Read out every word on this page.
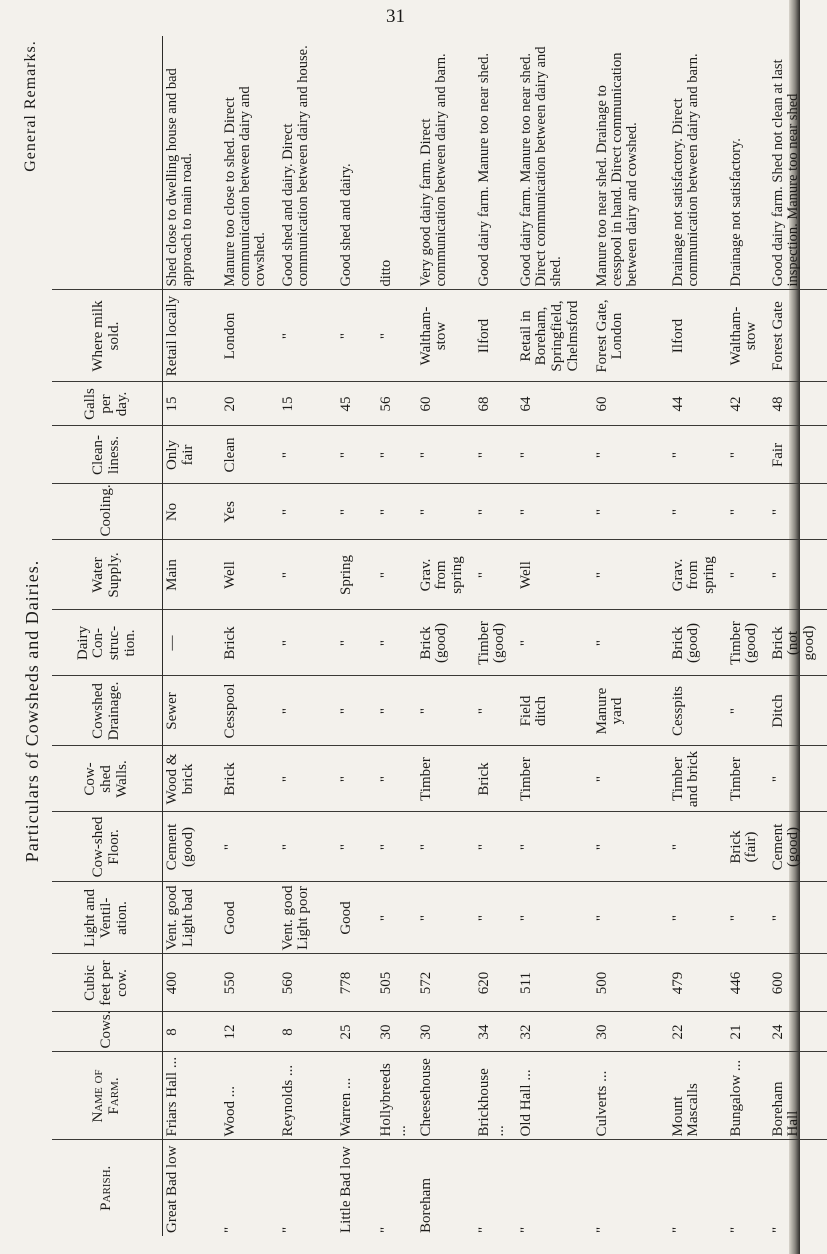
31
Particulars of Cowsheds and Dairies.
General Remarks.
Parish.	Name of Farm.	Cows.	Cubic feet per cow.	Light and Ventil-ation.	Cow-shed Floor.	Cow-shed Walls.	Cowshed Drainage.	Dairy Con-struc-tion.	Water Supply.	Cooling.	Clean-liness.	Galls per day.	Where milk sold.	
Great Bad low	Friars Hall ...	8	400	Vent. good Light bad	Cement (good)	Wood & brick	Sewer	—	Main	No	Only fair	15	Retail locally	Shed close to dwelling house and bad approach to main road.
"	Wood ...	12	550	Good	"	Brick	Cesspool	Brick	Well	Yes	Clean	20	London	Manure too close to shed. Direct communication between dairy and cowshed.
"	Reynolds ...	8	560	Vent. good Light poor	"	"	"	"	"	"	"	15	"	Good shed and dairy. Direct communication between dairy and house.
Little Bad low	Warren ...	25	778	Good	"	"	"	"	Spring	"	"	45	"	Good shed and dairy.
"	Hollybreeds ...	30	505	"	"	"	"	"	"	"	"	56	"	ditto
Boreham	Cheesehouse	30	572	"	"	Timber	"	Brick (good)	Grav. from spring	"	"	60	Waltham-stow	Very good dairy farm. Direct communication between dairy and barn.
"	Brickhouse ...	34	620	"	"	Brick	"	Timber (good)	"	"	"	68	Ilford	Good dairy farm. Manure too near shed.
"	Old Hall ...	32	511	"	"	Timber	Field ditch	"	Well	"	"	64	Retail in Boreham, Springfield, Chelmsford	Good dairy farm. Manure too near shed. Direct communication between dairy and shed.
"	Culverts ...	30	500	"	"	"	Manure yard	"	"	"	"	60	Forest Gate, London	Manure too near shed. Drainage to cesspool in hand. Direct communication between dairy and cowshed.
"	Mount Mascalls	22	479	"	"	Timber and brick	Cesspits	Brick (good)	Grav. from spring	"	"	44	Ilford	Drainage not satisfactory. Direct communication between dairy and barn.
"	Bungalow ...	21	446	"	Brick (fair)	Timber	"	Timber (good)	"	"	"	42	Waltham-stow	Drainage not satisfactory.
"	Boreham Hall	24	600	"	Cement (good)	"	Ditch	Brick (not good)	"	"	Fair	48	Forest Gate	Good dairy farm. Shed not clean at last inspection. Manure too near shed
